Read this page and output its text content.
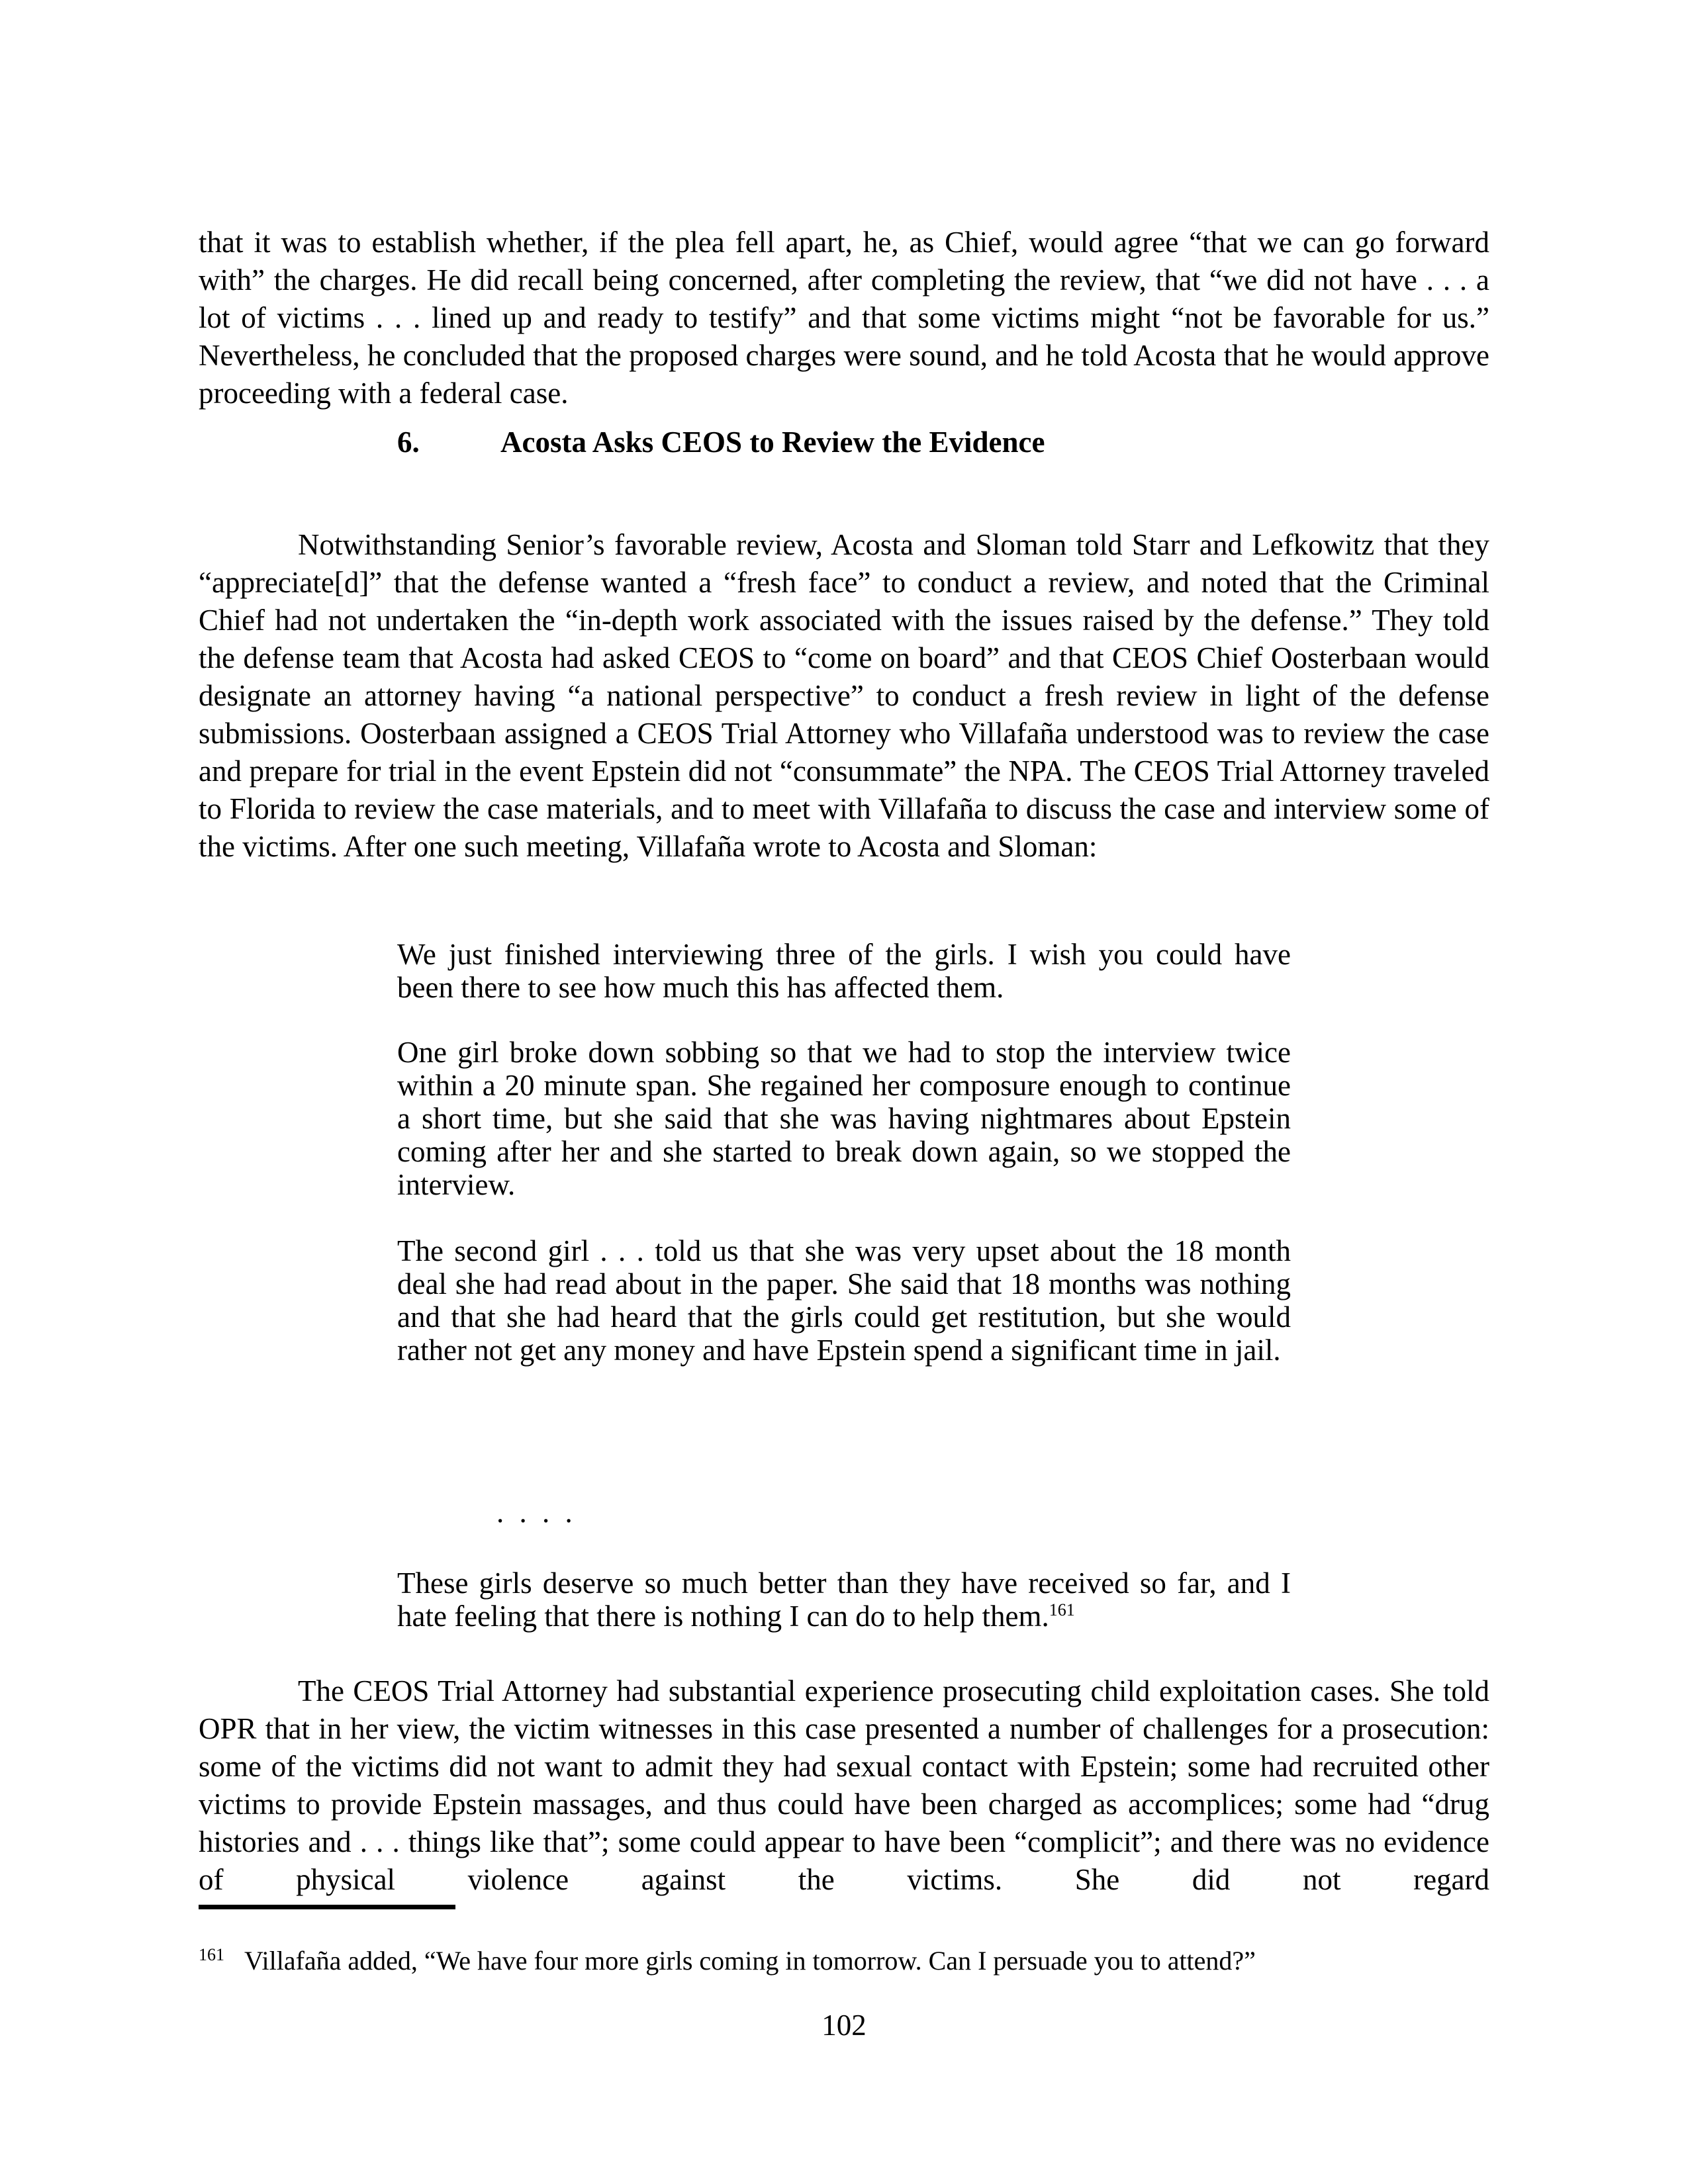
that it was to establish whether, if the plea fell apart, he, as Chief, would agree “that we can go forward with” the charges. He did recall being concerned, after completing the review, that “we did not have . . . a lot of victims . . . lined up and ready to testify” and that some victims might “not be favorable for us.” Nevertheless, he concluded that the proposed charges were sound, and he told Acosta that he would approve proceeding with a federal case.

6.	Acosta Asks CEOS to Review the Evidence

Notwithstanding Senior’s favorable review, Acosta and Sloman told Starr and Lefkowitz that they “appreciate[d]” that the defense wanted a “fresh face” to conduct a review, and noted that the Criminal Chief had not undertaken the “in-depth work associated with the issues raised by the defense.” They told the defense team that Acosta had asked CEOS to “come on board” and that CEOS Chief Oosterbaan would designate an attorney having “a national perspective” to conduct a fresh review in light of the defense submissions. Oosterbaan assigned a CEOS Trial Attorney who Villafaña understood was to review the case and prepare for trial in the event Epstein did not “consummate” the NPA. The CEOS Trial Attorney traveled to Florida to review the case materials, and to meet with Villafaña to discuss the case and interview some of the victims. After one such meeting, Villafaña wrote to Acosta and Sloman:

We just finished interviewing three of the girls. I wish you could have been there to see how much this has affected them.

One girl broke down sobbing so that we had to stop the interview twice within a 20 minute span. She regained her composure enough to continue a short time, but she said that she was having nightmares about Epstein coming after her and she started to break down again, so we stopped the interview.

The second girl . . . told us that she was very upset about the 18 month deal she had read about in the paper. She said that 18 months was nothing and that she had heard that the girls could get restitution, but she would rather not get any money and have Epstein spend a significant time in jail.

. . . .

These girls deserve so much better than they have received so far, and I hate feeling that there is nothing I can do to help them.$^{161}$

The CEOS Trial Attorney had substantial experience prosecuting child exploitation cases. She told OPR that in her view, the victim witnesses in this case presented a number of challenges for a prosecution: some of the victims did not want to admit they had sexual contact with Epstein; some had recruited other victims to provide Epstein massages, and thus could have been charged as accomplices; some had “drug histories and . . . things like that”; some could appear to have been “complicit”; and there was no evidence of physical violence against the victims. She did not regard

$^{161}$ Villafaña added, “We have four more girls coming in tomorrow. Can I persuade you to attend?”

102
